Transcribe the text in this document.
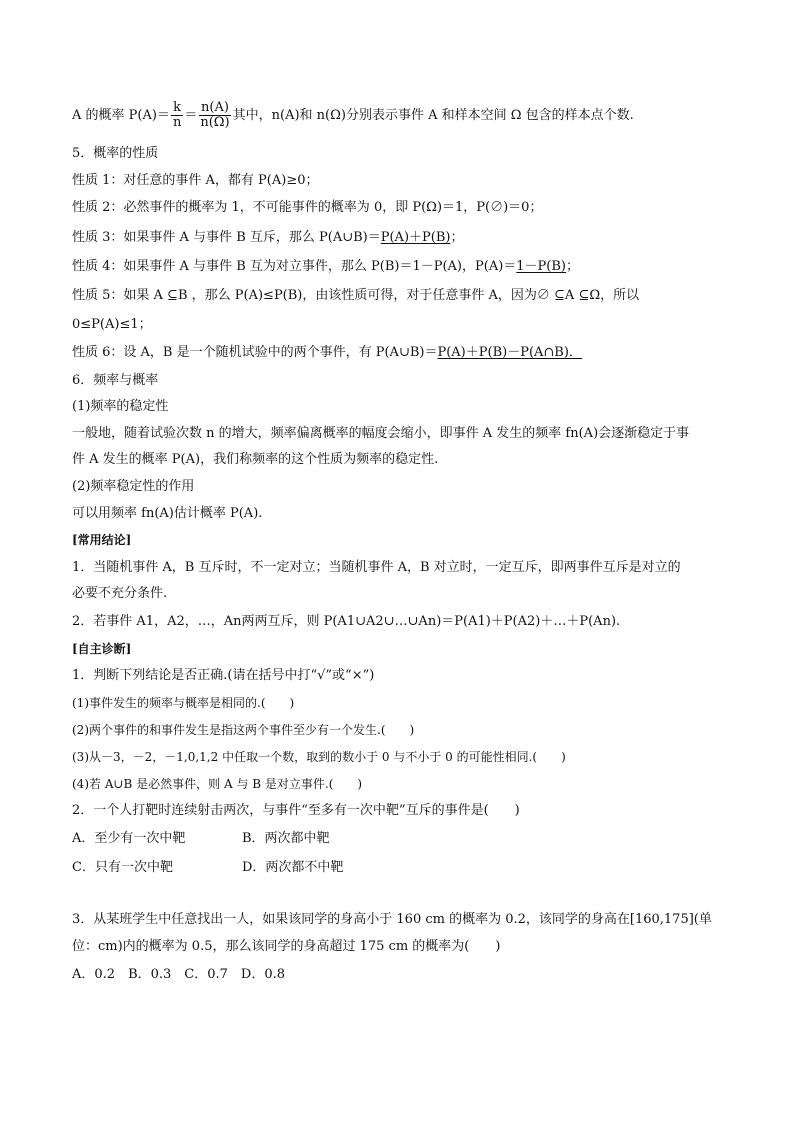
A 的概率 $P(A)= \frac{k}{n} = \frac{n(A)}{n(\Omega)}$ 其中，n(A)和 n(Ω)分别表示事件 A 和样本空间 Ω 包含的样本点个数.
5．概率的性质
性质 1：对任意的事件 A，都有 P(A)≥0；
性质 2：必然事件的概率为 1，不可能事件的概率为 0，即 P(Ω)＝1，P(∅)＝0；
性质 3：如果事件 A 与事件 B 互斥，那么 P(A∪B)＝P(A)＋P(B)；
性质 4：如果事件 A 与事件 B 互为对立事件，那么 P(B)＝1－P(A)，P(A)＝1－P(B)；
性质 5：如果 A ⊆B ，那么 P(A)≤P(B)，由该性质可得，对于任意事件 A，因为∅ ⊆A ⊆Ω，所以
0≤P(A)≤1；
性质 6：设 A，B 是一个随机试验中的两个事件，有 P(A∪B)＝P(A)＋P(B)－P(A∩B)．
6．频率与概率
(1)频率的稳定性
一般地，随着试验次数 n 的增大，频率偏离概率的幅度会缩小，即事件 A 发生的频率 fn(A)会逐渐稳定于事
件 A 发生的概率 P(A)，我们称频率的这个性质为频率的稳定性.
(2)频率稳定性的作用
可以用频率 fn(A)估计概率 P(A).
[常用结论]
1．当随机事件 A，B 互斥时，不一定对立；当随机事件 A，B 对立时，一定互斥，即两事件互斥是对立的
必要不充分条件.
2．若事件 A1，A2，…，An两两互斥，则 P(A1∪A2∪…∪An)＝P(A1)＋P(A2)＋…＋P(An).
[自主诊断]
1．判断下列结论是否正确.(请在括号中打“√”或“×”)
(1)事件发生的频率与概率是相同的.(　　)
(2)两个事件的和事件发生是指这两个事件至少有一个发生.(　　)
(3)从－3，－2，－1,0,1,2 中任取一个数，取到的数小于 0 与不小于 0 的可能性相同.(　　)
(4)若 A∪B 是必然事件，则 A 与 B 是对立事件.(　　)
2．一个人打靶时连续射击两次，与事件“至多有一次中靶”互斥的事件是(　　)
A．至少有一次中靶	B．两次都中靶
C．只有一次中靶	D．两次都不中靶
3．从某班学生中任意找出一人，如果该同学的身高小于 160 cm 的概率为 0.2，该同学的身高在[160,175](单
位：cm)内的概率为 0.5，那么该同学的身高超过 175 cm 的概率为(　　)
A．0.2　B．0.3　C．0.7　D．0.8
